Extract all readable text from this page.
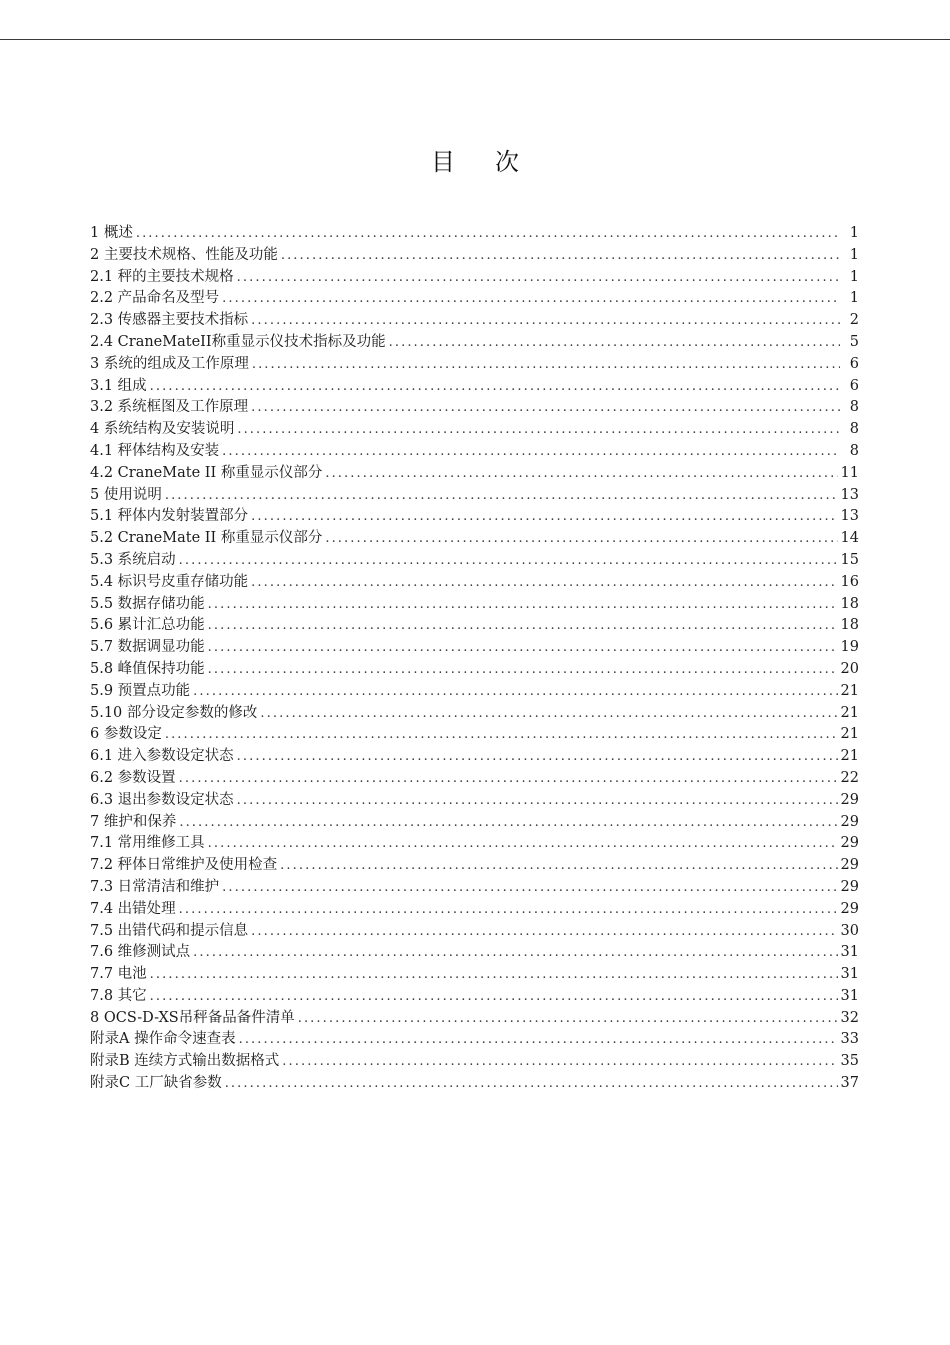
目次
1 概述 .....	1
2 主要技术规格、性能及功能 .....	1
2.1 秤的主要技术规格 .....	1
2.2 产品命名及型号 .....	1
2.3 传感器主要技术指标 .....	2
2.4 CraneMateII称重显示仪技术指标及功能 .....	5
3 系统的组成及工作原理 .....	6
3.1 组成 .....	6
3.2 系统框图及工作原理 .....	8
4 系统结构及安装说明 .....	8
4.1 秤体结构及安装 .....	8
4.2 CraneMate II 称重显示仪部分 .....	11
5 使用说明 .....	13
5.1 秤体内发射装置部分 .....	13
5.2 CraneMate II 称重显示仪部分 .....	14
5.3 系统启动 .....	15
5.4 标识号皮重存储功能 .....	16
5.5 数据存储功能 .....	18
5.6 累计汇总功能 .....	18
5.7 数据调显功能 .....	19
5.8 峰值保持功能 .....	20
5.9 预置点功能 .....	21
5.10 部分设定参数的修改 .....	21
6 参数设定 .....	21
6.1 进入参数设定状态 .....	21
6.2 参数设置 .....	22
6.3 退出参数设定状态 .....	29
7 维护和保养 .....	29
7.1 常用维修工具 .....	29
7.2 秤体日常维护及使用检查 .....	29
7.3 日常清洁和维护 .....	29
7.4 出错处理 .....	29
7.5 出错代码和提示信息 .....	30
7.6 维修测试点 .....	31
7.7 电池 .....	31
7.8 其它 .....	31
8 OCS-D-XS吊秤备品备件清单 .....	32
附录A 操作命令速查表 .....	33
附录B 连续方式输出数据格式 .....	35
附录C 工厂缺省参数 .....	37
